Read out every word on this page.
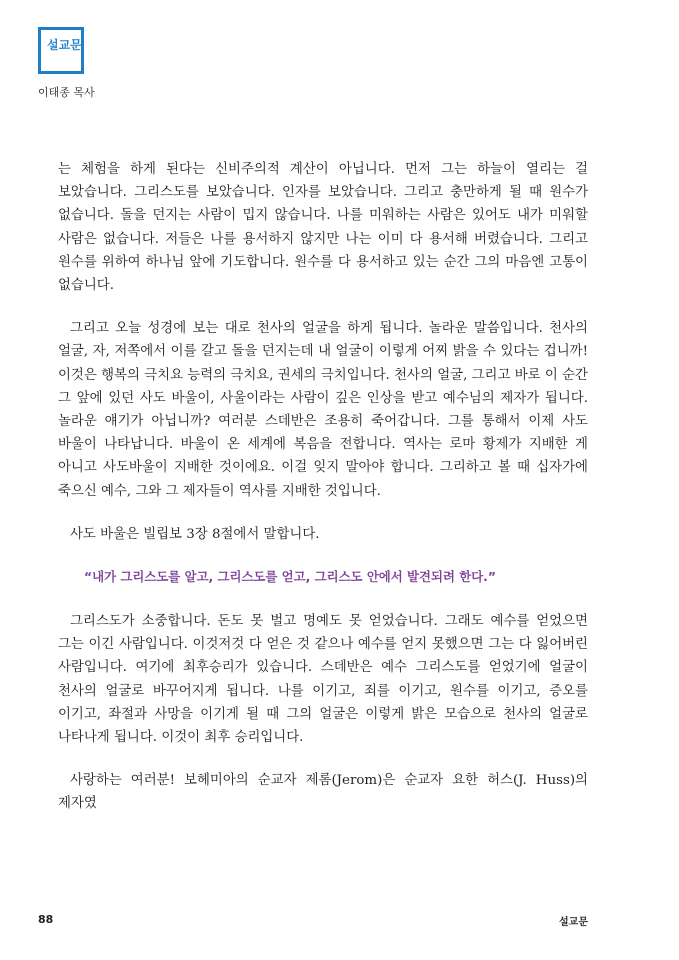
설교문
이태종 목사

는 체험을 하게 된다는 신비주의적 계산이 아닙니다. 먼저 그는 하늘이 열리는 걸 보았습니다. 그리스도를 보았습니다. 인자를 보았습니다. 그리고 충만하게 될 때 원수가 없습니다. 돌을 던지는 사람이 밉지 않습니다. 나를 미워하는 사람은 있어도 내가 미워할 사람은 없습니다. 저들은 나를 용서하지 않지만 나는 이미 다 용서해 버렸습니다. 그리고 원수를 위하여 하나님 앞에 기도합니다. 원수를 다 용서하고 있는 순간 그의 마음엔 고통이 없습니다.

그리고 오늘 성경에 보는 대로 천사의 얼굴을 하게 됩니다. 놀라운 말씀입니다. 천사의 얼굴, 자, 저쪽에서 이를 갈고 돌을 던지는데 내 얼굴이 이렇게 어찌 밝을 수 있다는 겁니까! 이것은 행복의 극치요 능력의 극치요, 권세의 극치입니다. 천사의 얼굴, 그리고 바로 이 순간 그 앞에 있던 사도 바울이, 사울이라는 사람이 깊은 인상을 받고 예수님의 제자가 됩니다. 놀라운 얘기가 아닙니까? 여러분 스데반은 조용히 죽어갑니다. 그를 통해서 이제 사도 바울이 나타납니다. 바울이 온 세계에 복음을 전합니다. 역사는 로마 황제가 지배한 게 아니고 사도바울이 지배한 것이에요. 이걸 잊지 말아야 합니다. 그리하고 볼 때 십자가에 죽으신 예수, 그와 그 제자들이 역사를 지배한 것입니다.

사도 바울은 빌립보 3장 8절에서 말합니다.

“내가 그리스도를 알고, 그리스도를 얻고, 그리스도 안에서 발견되려 한다.”

그리스도가 소중합니다. 돈도 못 벌고 명예도 못 얻었습니다. 그래도 예수를 얻었으면 그는 이긴 사람입니다. 이것저것 다 얻은 것 같으나 예수를 얻지 못했으면 그는 다 잃어버린 사람입니다. 여기에 최후승리가 있습니다. 스데반은 예수 그리스도를 얻었기에 얼굴이 천사의 얼굴로 바꾸어지게 됩니다. 나를 이기고, 죄를 이기고, 원수를 이기고, 증오를 이기고, 좌절과 사망을 이기게 될 때 그의 얼굴은 이렇게 밝은 모습으로 천사의 얼굴로 나타나게 됩니다. 이것이 최후 승리입니다.

사랑하는 여러분! 보헤미아의 순교자 제롬(Jerom)은 순교자 요한 허스(J. Huss)의 제자였

88	설교문
